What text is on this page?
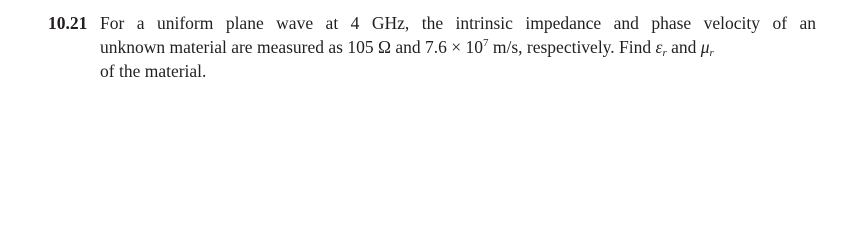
10.21 For a uniform plane wave at 4 GHz, the intrinsic impedance and phase velocity of an
unknown material are measured as 105 Ω and $7.6 \times 10^7$ m/s, respectively. Find $\varepsilon_r$ and $\mu_r$
of the material.
